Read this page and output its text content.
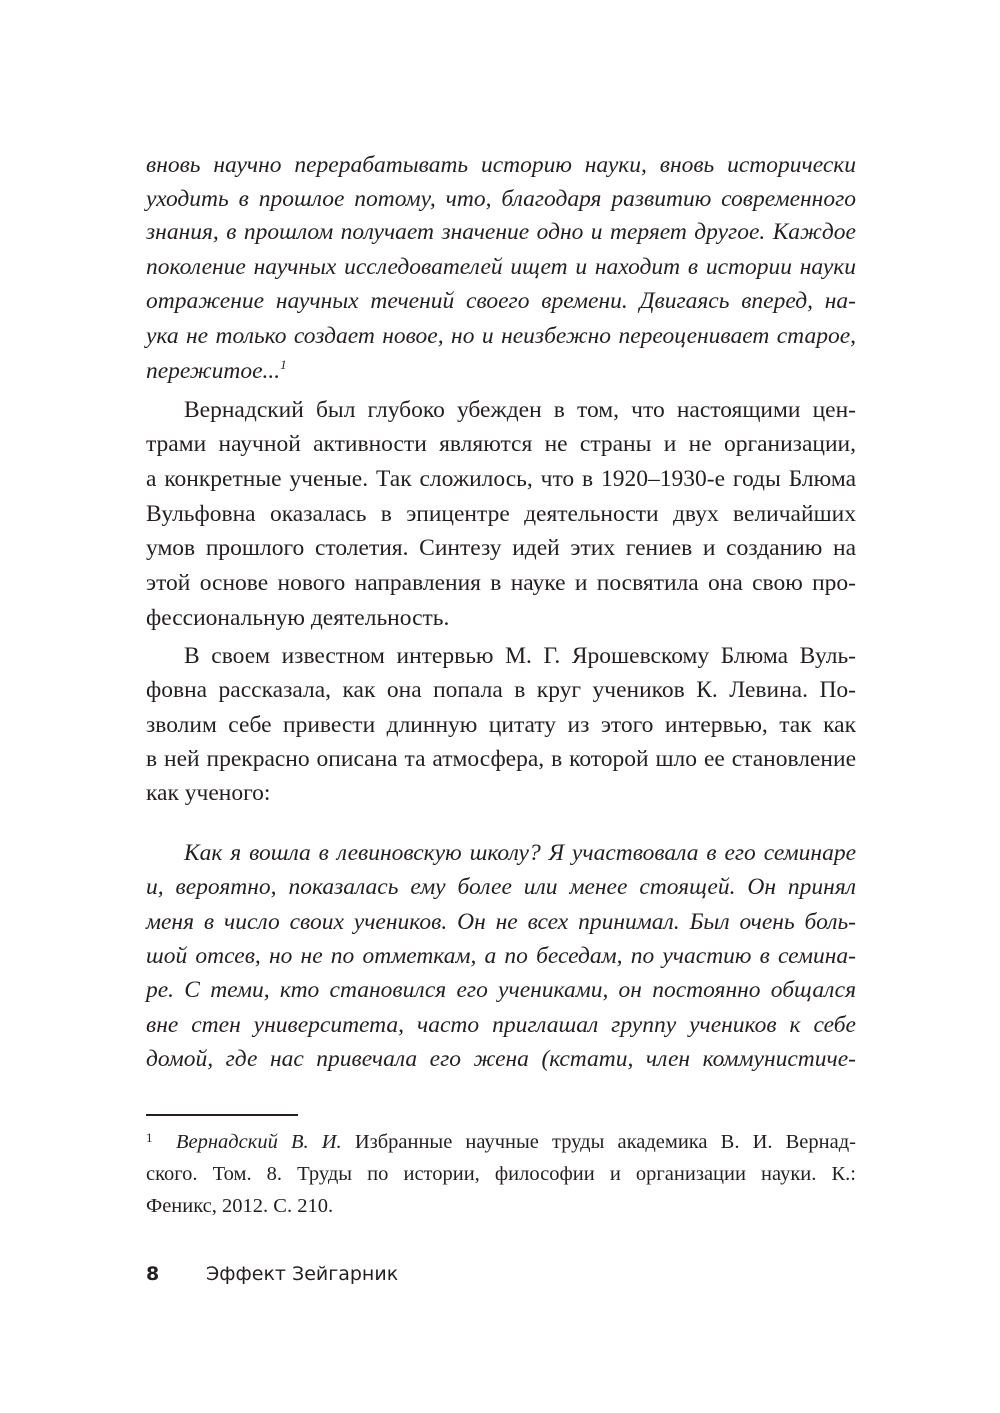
вновь научно перерабатывать историю науки, вновь исторически
уходить в прошлое потому, что, благодаря развитию современного
знания, в прошлом получает значение одно и теряет другое. Каждое
поколение научных исследователей ищет и находит в истории науки
отражение научных течений своего времени. Двигаясь вперед, на-
ука не только создает новое, но и неизбежно переоценивает старое,
пережитое...$^1$
Вернадский был глубоко убежден в том, что настоящими цен-
трами научной активности являются не страны и не организации,
а конкретные ученые. Так сложилось, что в 1920–1930-е годы Блюма
Вульфовна оказалась в эпицентре деятельности двух величайших
умов прошлого столетия. Синтезу идей этих гениев и созданию на
этой основе нового направления в науке и посвятила она свою про-
фессиональную деятельность.
В своем известном интервью М. Г. Ярошевскому Блюма Вуль-
фовна рассказала, как она попала в круг учеников К. Левина. По-
зволим себе привести длинную цитату из этого интервью, так как
в ней прекрасно описана та атмосфера, в которой шло ее становление
как ученого:
Как я вошла в левиновскую школу? Я участвовала в его семинаре
и, вероятно, показалась ему более или менее стоящей. Он принял
меня в число своих учеников. Он не всех принимал. Был очень боль-
шой отсев, но не по отметкам, а по беседам, по участию в семина-
ре. С теми, кто становился его учениками, он постоянно общался
вне стен университета, часто приглашал группу учеников к себе
домой, где нас привечала его жена (кстати, член коммунистиче-
1 Вернадский В. И. Избранные научные труды академика В. И. Вернад-
ского. Том. 8. Труды по истории, философии и организации науки. К.:
Феникс, 2012. С. 210.
8 Эффект Зейгарник
